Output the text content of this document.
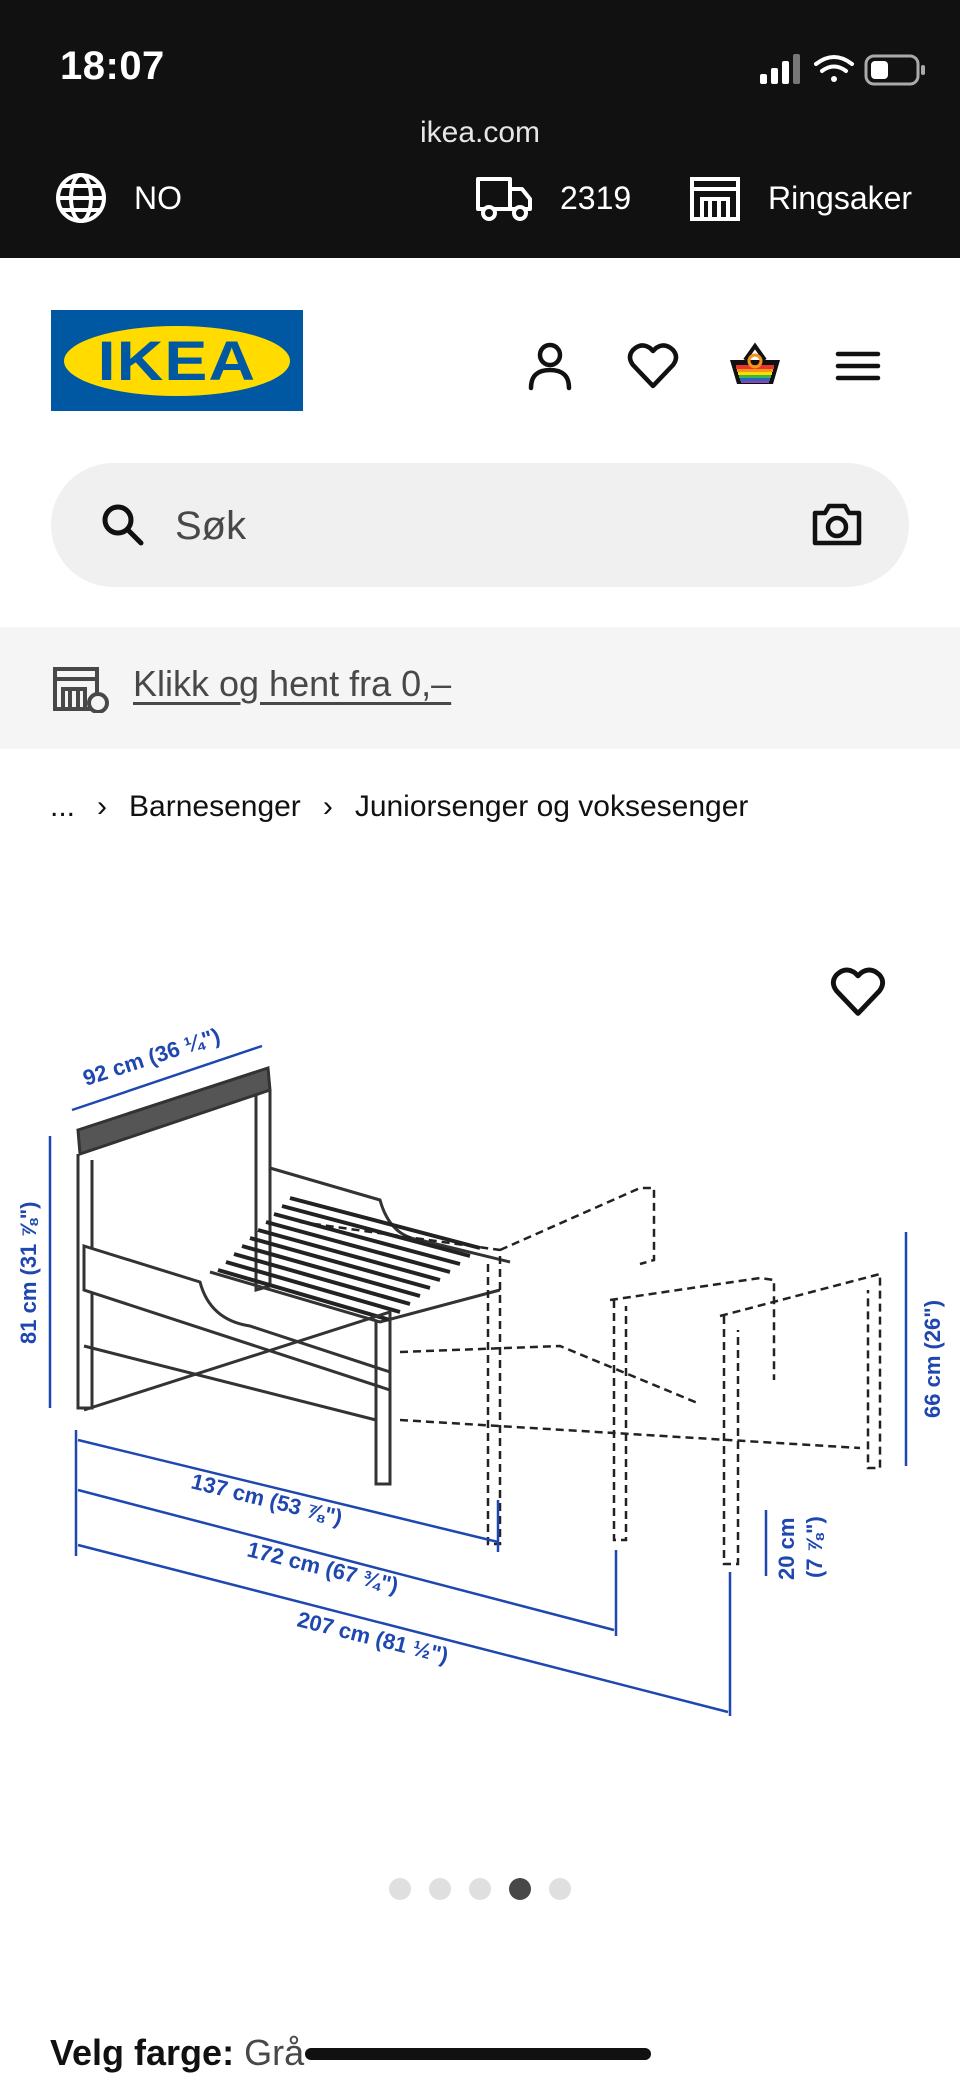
18:07
ikea.com
NO	2319	Ringsaker
IKEA
Søk
Klikk og hent fra 0,–
... › Barnesenger › Juniorsenger og voksesenger
92 cm (36 ¼")
81 cm (31 ⅞")
137 cm (53 ⅞")
172 cm (67 ¾")
207 cm (81 ½")
66 cm (26")
20 cm (7 ⅞")
Velg farge: Grå
